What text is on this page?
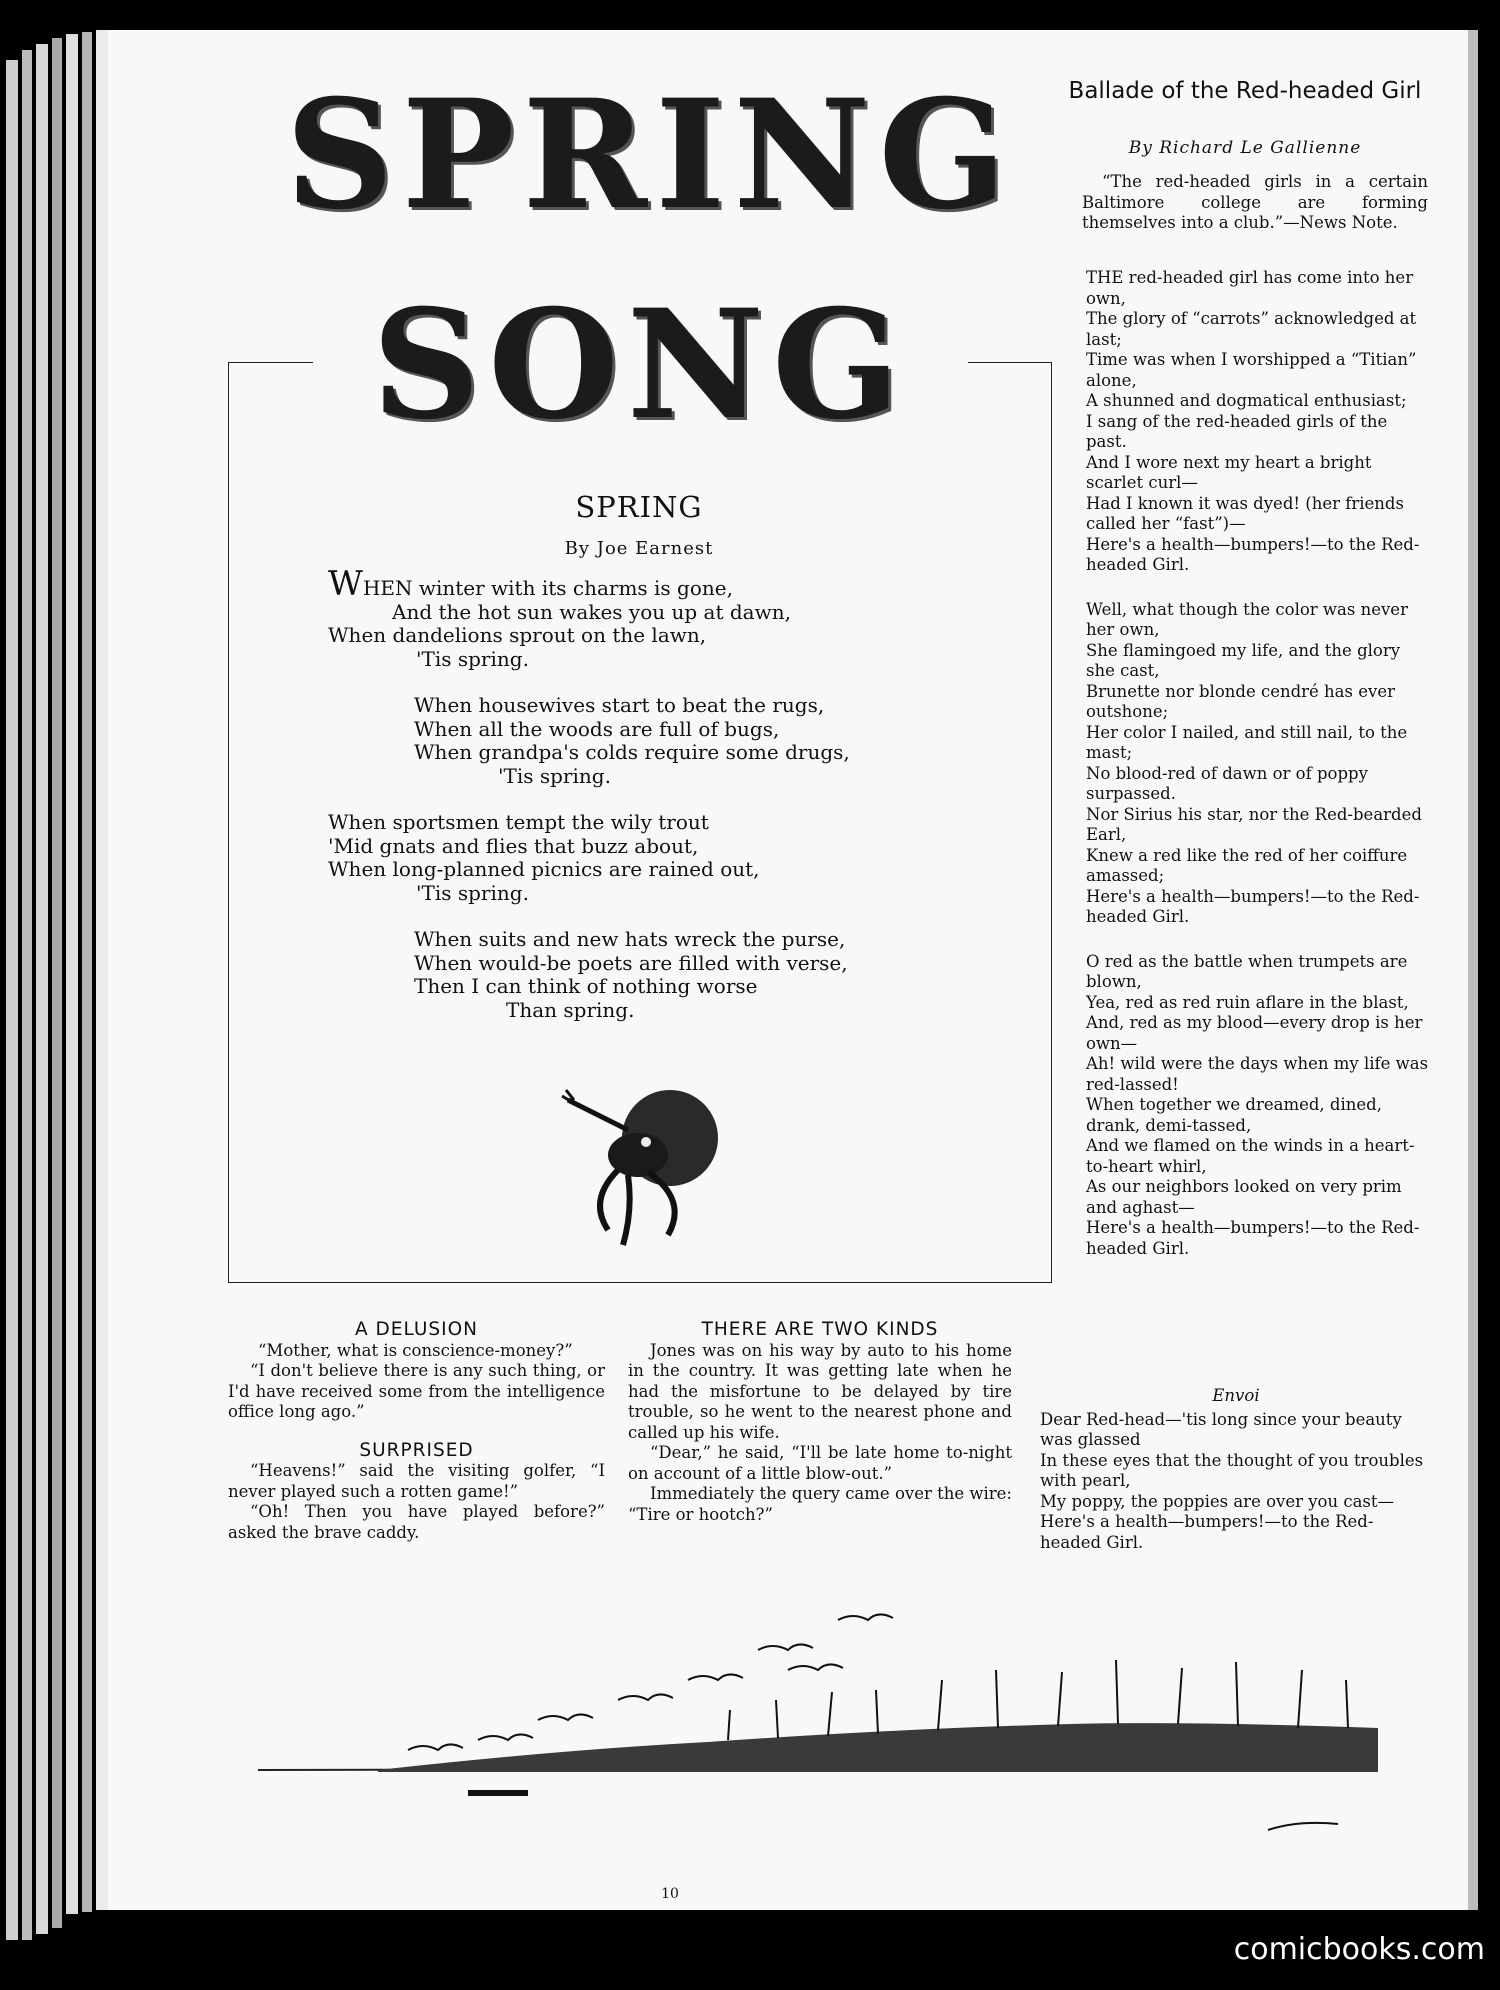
SPRING
SONG
SPRING
By Joe Earnest
WHEN winter with its charms is gone,
And the hot sun wakes you up at dawn,
When dandelions sprout on the lawn,
'Tis spring.
When housewives start to beat the rugs,
When all the woods are full of bugs,
When grandpa's colds require some drugs,
'Tis spring.
When sportsmen tempt the wily trout
'Mid gnats and flies that buzz about,
When long-planned picnics are rained out,
'Tis spring.
When suits and new hats wreck the purse,
When would-be poets are filled with verse,
Then I can think of nothing worse
Than spring.
A DELUSION

“Mother, what is conscience-money?”

“I don't believe there is any such thing, or I'd have received some from the intelligence office long ago.”

SURPRISED

“Heavens!” said the visiting golfer, “I never played such a rotten game!”

“Oh! Then you have played before?” asked the brave caddy.

THERE ARE TWO KINDS

Jones was on his way by auto to his home in the country. It was getting late when he had the misfortune to be delayed by tire trouble, so he went to the nearest phone and called up his wife.

“Dear,” he said, “I'll be late home to-night on account of a little blow-out.”

Immediately the query came over the wire: “Tire or hootch?”

Ballade of the Red-headed Girl
By Richard Le Gallienne
“The red-headed girls in a certain Baltimore college are forming themselves into a club.”—News Note.
THE red-headed girl has come into her own,
The glory of “carrots” acknowledged at last;
Time was when I worshipped a “Titian” alone,
A shunned and dogmatical enthusiast;
I sang of the red-headed girls of the past.
And I wore next my heart a bright scarlet curl—
Had I known it was dyed! (her friends called her “fast”)—
Here's a health—bumpers!—to the Red-headed Girl.
Well, what though the color was never her own,
She flamingoed my life, and the glory she cast,
Brunette nor blonde cendré has ever outshone;
Her color I nailed, and still nail, to the mast;
No blood-red of dawn or of poppy surpassed.
Nor Sirius his star, nor the Red-bearded Earl,
Knew a red like the red of her coiffure amassed;
Here's a health—bumpers!—to the Red-headed Girl.
O red as the battle when trumpets are blown,
Yea, red as red ruin aflare in the blast,
And, red as my blood—every drop is her own—
Ah! wild were the days when my life was red-lassed!
When together we dreamed, dined, drank, demi-tassed,
And we flamed on the winds in a heart-to-heart whirl,
As our neighbors looked on very prim and aghast—
Here's a health—bumpers!—to the Red-headed Girl.
Envoi
Dear Red-head—'tis long since your beauty was glassed
In these eyes that the thought of you troubles with pearl,
My poppy, the poppies are over you cast—
Here's a health—bumpers!—to the Red-headed Girl.
10
comicbooks.com
